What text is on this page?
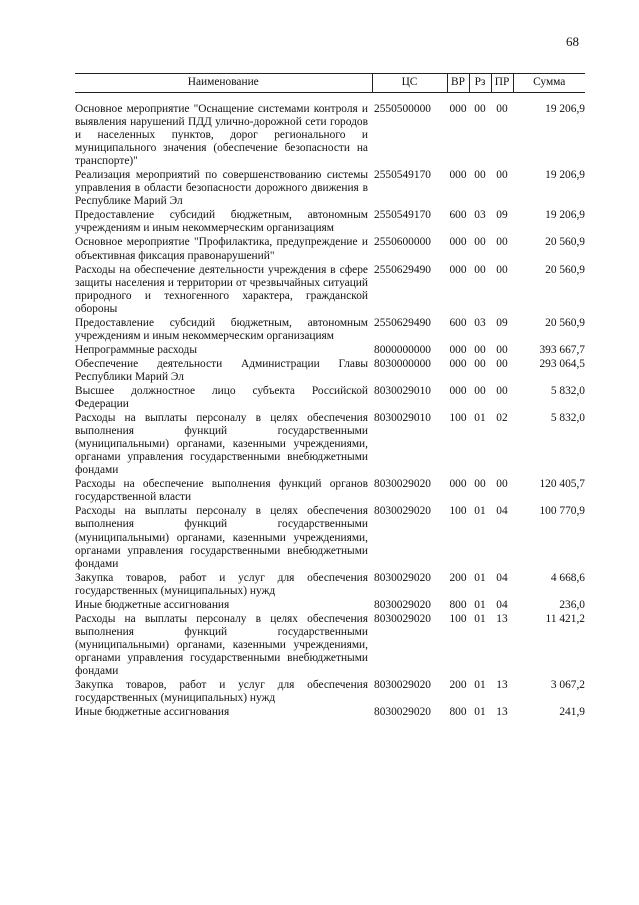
68
Наименование	ЦС	ВР	Рз	ПР	Сумма
Основное мероприятие "Оснащение системами контроля и выявления нарушений ПДД улично-дорожной сети городов и населенных пунктов, дорог регионального и муниципального значения (обеспечение безопасности на транспорте)"	2550500000	000	00	00	19 206,9
Реализация мероприятий по совершенствованию системы управления в области безопасности дорожного движения в Республике Марий Эл	2550549170	000	00	00	19 206,9
Предоставление субсидий бюджетным, автономным учреждениям и иным некоммерческим организациям	2550549170	600	03	09	19 206,9
Основное мероприятие "Профилактика, предупреждение и объективная фиксация правонарушений"	2550600000	000	00	00	20 560,9
Расходы на обеспечение деятельности учреждения в сфере защиты населения и территории от чрезвычайных ситуаций природного и техногенного характера, гражданской обороны	2550629490	000	00	00	20 560,9
Предоставление субсидий бюджетным, автономным учреждениям и иным некоммерческим организациям	2550629490	600	03	09	20 560,9
Непрограммные расходы	8000000000	000	00	00	393 667,7
Обеспечение деятельности Администрации Главы Республики Марий Эл	8030000000	000	00	00	293 064,5
Высшее должностное лицо субъекта Российской Федерации	8030029010	000	00	00	5 832,0
Расходы на выплаты персоналу в целях обеспечения выполнения функций государственными (муниципальными) органами, казенными учреждениями, органами управления государственными внебюджетными фондами	8030029010	100	01	02	5 832,0
Расходы на обеспечение выполнения функций органов государственной власти	8030029020	000	00	00	120 405,7
Расходы на выплаты персоналу в целях обеспечения выполнения функций государственными (муниципальными) органами, казенными учреждениями, органами управления государственными внебюджетными фондами	8030029020	100	01	04	100 770,9
Закупка товаров, работ и услуг для обеспечения государственных (муниципальных) нужд	8030029020	200	01	04	4 668,6
Иные бюджетные ассигнования	8030029020	800	01	04	236,0
Расходы на выплаты персоналу в целях обеспечения выполнения функций государственными (муниципальными) органами, казенными учреждениями, органами управления государственными внебюджетными фондами	8030029020	100	01	13	11 421,2
Закупка товаров, работ и услуг для обеспечения государственных (муниципальных) нужд	8030029020	200	01	13	3 067,2
Иные бюджетные ассигнования	8030029020	800	01	13	241,9
